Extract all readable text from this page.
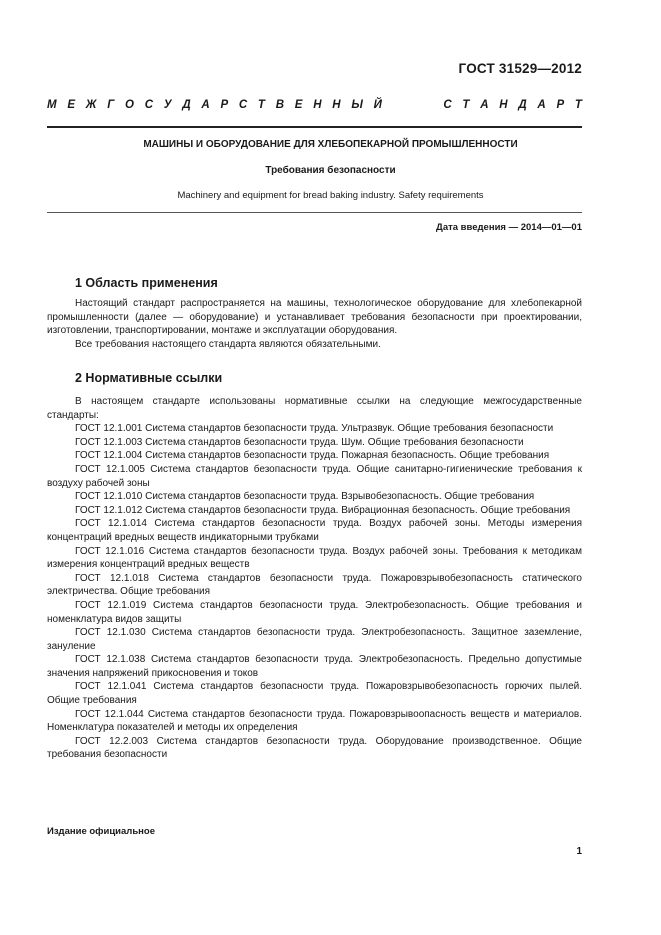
ГОСТ 31529—2012
М Е Ж Г О С У Д А Р С Т В Е Н Н Ы Й	С Т А Н Д А Р Т
МАШИНЫ И ОБОРУДОВАНИЕ ДЛЯ ХЛЕБОПЕКАРНОЙ ПРОМЫШЛЕННОСТИ
Требования безопасности
Machinery and equipment for bread baking industry. Safety requirements
Дата введения — 2014—01—01
1 Область применения

Настоящий стандарт распространяется на машины, технологическое оборудование для хлебопекарной промышленности (далее — оборудование) и устанавливает требования безопасности при проектировании, изготовлении, транспортировании, монтаже и эксплуатации оборудования.

Все требования настоящего стандарта являются обязательными.

2 Нормативные ссылки

В настоящем стандарте использованы нормативные ссылки на следующие межгосударственные стандарты:

ГОСТ 12.1.001 Система стандартов безопасности труда. Ультразвук. Общие требования безопасности

ГОСТ 12.1.003 Система стандартов безопасности труда. Шум. Общие требования безопасности

ГОСТ 12.1.004 Система стандартов безопасности труда. Пожарная безопасность. Общие требования

ГОСТ 12.1.005 Система стандартов безопасности труда. Общие санитарно-гигиенические требования к воздуху рабочей зоны

ГОСТ 12.1.010 Система стандартов безопасности труда. Взрывобезопасность. Общие требования

ГОСТ 12.1.012 Система стандартов безопасности труда. Вибрационная безопасность. Общие требования

ГОСТ 12.1.014 Система стандартов безопасности труда. Воздух рабочей зоны. Методы измерения концентраций вредных веществ индикаторными трубками

ГОСТ 12.1.016 Система стандартов безопасности труда. Воздух рабочей зоны. Требования к методикам измерения концентраций вредных веществ

ГОСТ 12.1.018 Система стандартов безопасности труда. Пожаровзрывобезопасность статического электричества. Общие требования

ГОСТ 12.1.019 Система стандартов безопасности труда. Электробезопасность. Общие требования и номенклатура видов защиты

ГОСТ 12.1.030 Система стандартов безопасности труда. Электробезопасность. Защитное заземление, зануление

ГОСТ 12.1.038 Система стандартов безопасности труда. Электробезопасность. Предельно допустимые значения напряжений прикосновения и токов

ГОСТ 12.1.041 Система стандартов безопасности труда. Пожаровзрывобезопасность горючих пылей. Общие требования

ГОСТ 12.1.044 Система стандартов безопасности труда. Пожаровзрывоопасность веществ и материалов. Номенклатура показателей и методы их определения

ГОСТ 12.2.003 Система стандартов безопасности труда. Оборудование производственное. Общие требования безопасности

Издание официальное
1
